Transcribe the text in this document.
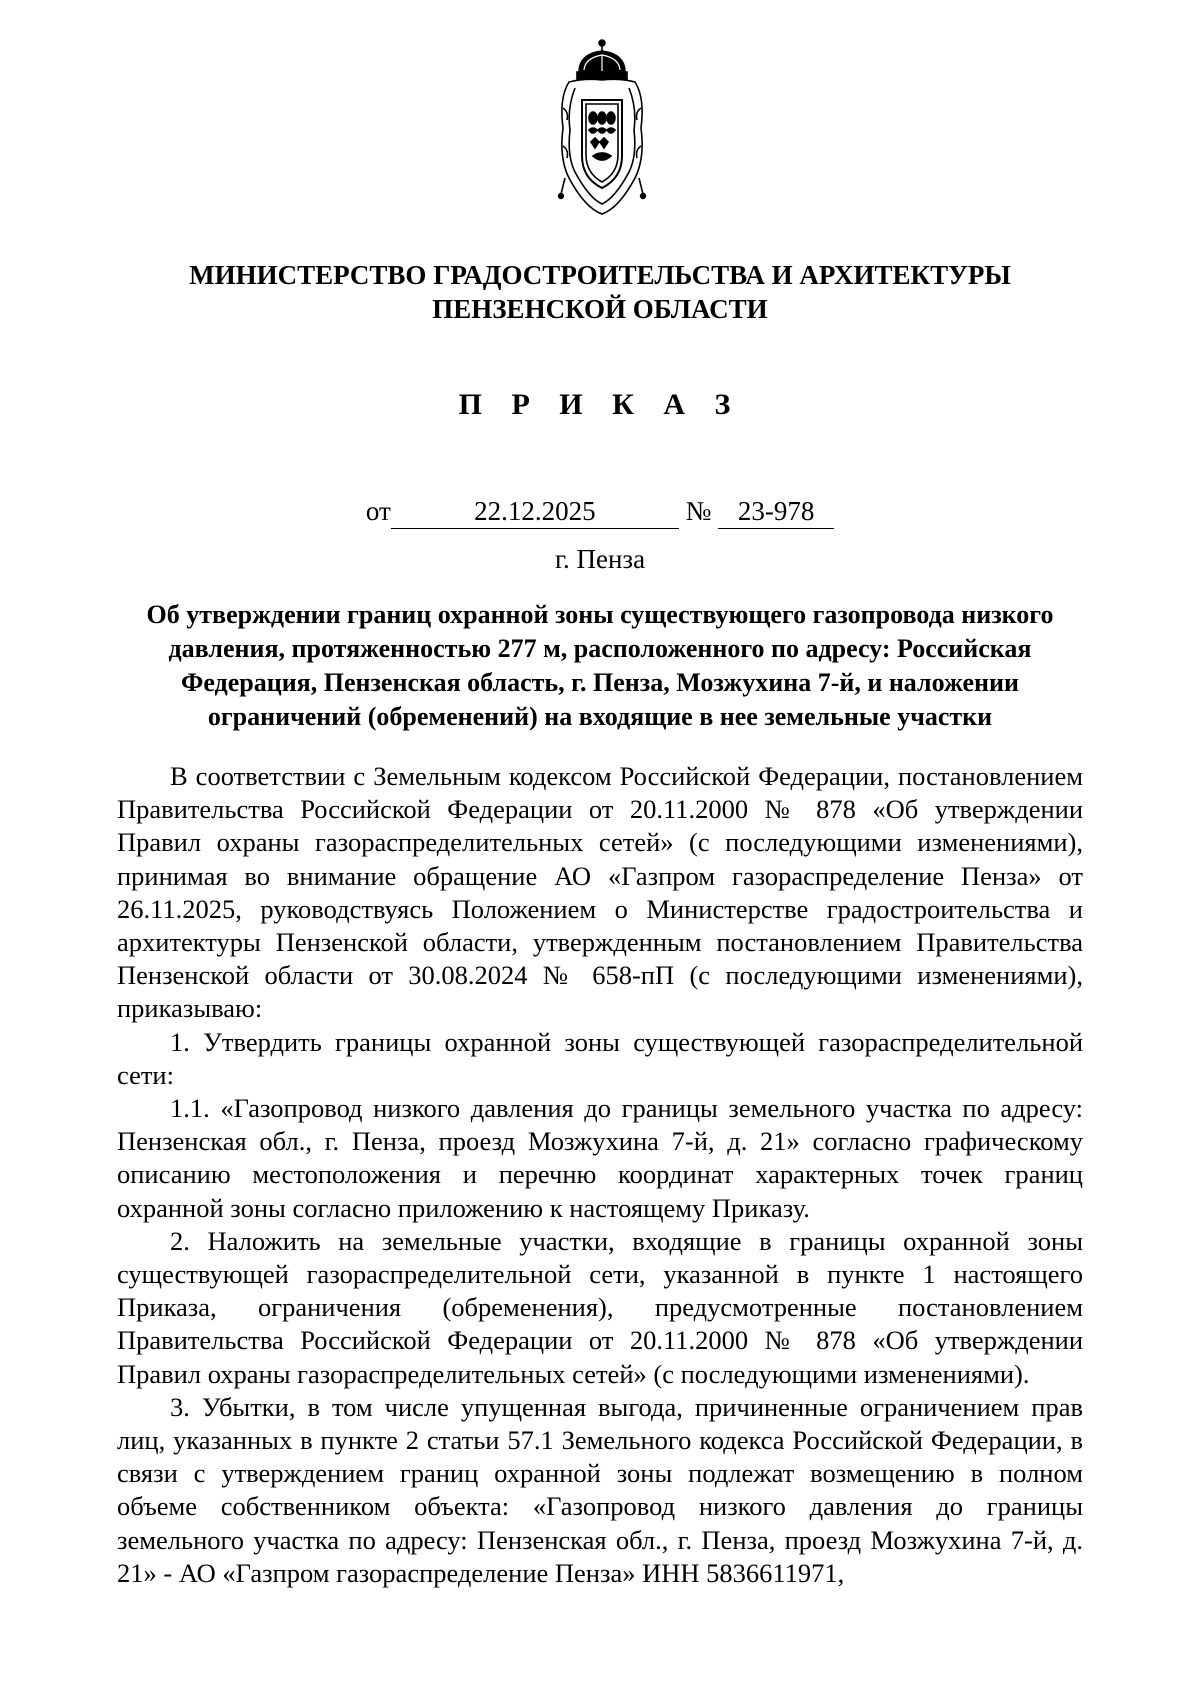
МИНИСТЕРСТВО ГРАДОСТРОИТЕЛЬСТВА И АРХИТЕКТУРЫ
ПЕНЗЕНСКОЙ ОБЛАСТИ
П Р И К А З
от	22.12.2025	№ 23-978
г. Пенза
Об утверждении границ охранной зоны существующего газопровода низкого
давления, протяженностью 277 м, расположенного по адресу: Российская
Федерация, Пензенская область, г. Пенза, Мозжухина 7-й, и наложении
ограничений (обременений) на входящие в нее земельные участки

В соответствии с Земельным кодексом Российской Федерации, постановлением Правительства Российской Федерации от 20.11.2000 № 878 «Об утверждении Правил охраны газораспределительных сетей» (с последующими изменениями), принимая во внимание обращение АО «Газпром газораспределение Пенза» от 26.11.2025, руководствуясь Положением о Министерстве градостроительства и архитектуры Пензенской области, утвержденным постановлением Правительства Пензенской области от 30.08.2024 № 658-пП (с последующими изменениями), приказываю:

1. Утвердить границы охранной зоны существующей газораспределительной сети:

1.1. «Газопровод низкого давления до границы земельного участка по адресу: Пензенская обл., г. Пенза, проезд Мозжухина 7-й, д. 21» согласно графическому описанию местоположения и перечню координат характерных точек границ охранной зоны согласно приложению к настоящему Приказу.

2. Наложить на земельные участки, входящие в границы охранной зоны существующей газораспределительной сети, указанной в пункте 1 настоящего Приказа, ограничения (обременения), предусмотренные постановлением Правительства Российской Федерации от 20.11.2000 № 878 «Об утверждении Правил охраны газораспределительных сетей» (с последующими изменениями).

3. Убытки, в том числе упущенная выгода, причиненные ограничением прав лиц, указанных в пункте 2 статьи 57.1 Земельного кодекса Российской Федерации, в связи с утверждением границ охранной зоны подлежат возмещению в полном объеме собственником объекта: «Газопровод низкого давления до границы земельного участка по адресу: Пензенская обл., г. Пенза, проезд Мозжухина 7-й, д. 21» - АО «Газпром газораспределение Пенза» ИНН 5836611971,
